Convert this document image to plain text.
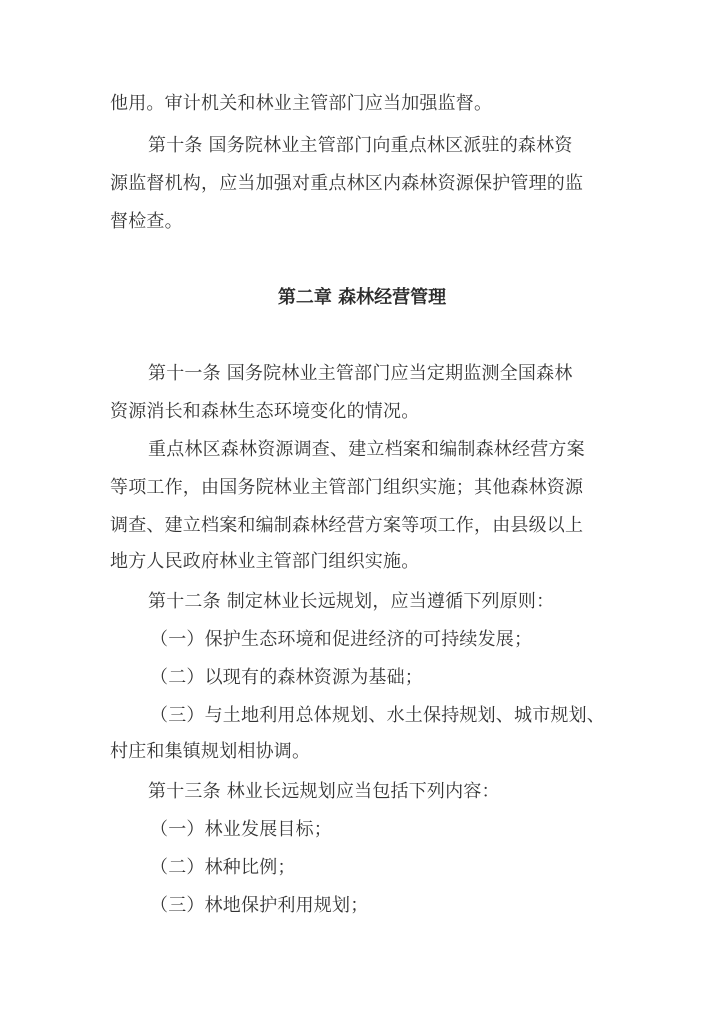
他用。审计机关和林业主管部门应当加强监督。
第十条 国务院林业主管部门向重点林区派驻的森林资
源监督机构，应当加强对重点林区内森林资源保护管理的监
督检查。
第二章 森林经营管理
第十一条 国务院林业主管部门应当定期监测全国森林
资源消长和森林生态环境变化的情况。
重点林区森林资源调查、建立档案和编制森林经营方案
等项工作，由国务院林业主管部门组织实施；其他森林资源
调查、建立档案和编制森林经营方案等项工作，由县级以上
地方人民政府林业主管部门组织实施。
第十二条 制定林业长远规划，应当遵循下列原则：
（一）保护生态环境和促进经济的可持续发展；
（二）以现有的森林资源为基础；
（三）与土地利用总体规划、水土保持规划、城市规划、
村庄和集镇规划相协调。
第十三条 林业长远规划应当包括下列内容：
（一）林业发展目标；
（二）林种比例；
（三）林地保护利用规划；
